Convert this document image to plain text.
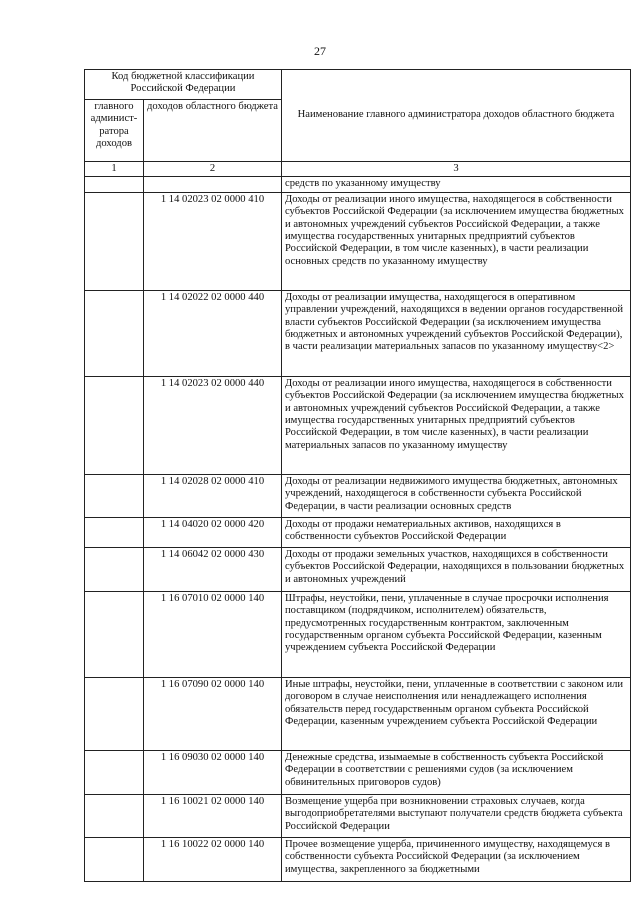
27
Код бюджетной классификации Российской Федерации		Наименование главного администратора доходов областного бюджета
главного админист-ратора доходов	доходов областного бюджета	
1	2	3
		средств по указанному имуществу
	1 14 02023 02 0000 410	Доходы от реализации иного имущества, находящегося в собственности субъектов Российской Федерации (за исключением имущества бюджетных и автономных учреждений субъектов Российской Федерации, а также имущества государственных унитарных предприятий субъектов Российской Федерации, в том числе казенных), в части реализации основных средств по указанному имуществу
	1 14 02022 02 0000 440	Доходы от реализации имущества, находящегося в оперативном управлении учреждений, находящихся в ведении органов государственной власти субъектов Российской Федерации (за исключением имущества бюджетных и автономных учреждений субъектов Российской Федерации), в части реализации материальных запасов по указанному имуществу<2>
	1 14 02023 02 0000 440	Доходы от реализации иного имущества, находящегося в собственности субъектов Российской Федерации (за исключением имущества бюджетных и автономных учреждений субъектов Российской Федерации, а также имущества государственных унитарных предприятий субъектов Российской Федерации, в том числе казенных), в части реализации материальных запасов по указанному имуществу
	1 14 02028 02 0000 410	Доходы от реализации недвижимого имущества бюджетных, автономных учреждений, находящегося в собственности субъекта Российской Федерации, в части реализации основных средств
	1 14 04020 02 0000 420	Доходы от продажи нематериальных активов, находящихся в собственности субъектов Российской Федерации
	1 14 06042 02 0000 430	Доходы от продажи земельных участков, находящихся в собственности субъектов Российской Федерации, находящихся в пользовании бюджетных и автономных учреждений
	1 16 07010 02 0000 140	Штрафы, неустойки, пени, уплаченные в случае просрочки исполнения поставщиком (подрядчиком, исполнителем) обязательств, предусмотренных государственным контрактом, заключенным государственным органом субъекта Российской Федерации, казенным учреждением субъекта Российской Федерации
	1 16 07090 02 0000 140	Иные штрафы, неустойки, пени, уплаченные в соответствии с законом или договором в случае неисполнения или ненадлежащего исполнения обязательств перед государственным органом субъекта Российской Федерации, казенным учреждением субъекта Российской Федерации
	1 16 09030 02 0000 140	Денежные средства, изымаемые в собственность субъекта Российской Федерации в соответствии с решениями судов (за исключением обвинительных приговоров судов)
	1 16 10021 02 0000 140	Возмещение ущерба при возникновении страховых случаев, когда выгодоприобретателями выступают получатели средств бюджета субъекта Российской Федерации
	1 16 10022 02 0000 140	Прочее возмещение ущерба, причиненного имуществу, находящемуся в собственности субъекта Российской Федерации (за исключением имущества, закрепленного за бюджетными
